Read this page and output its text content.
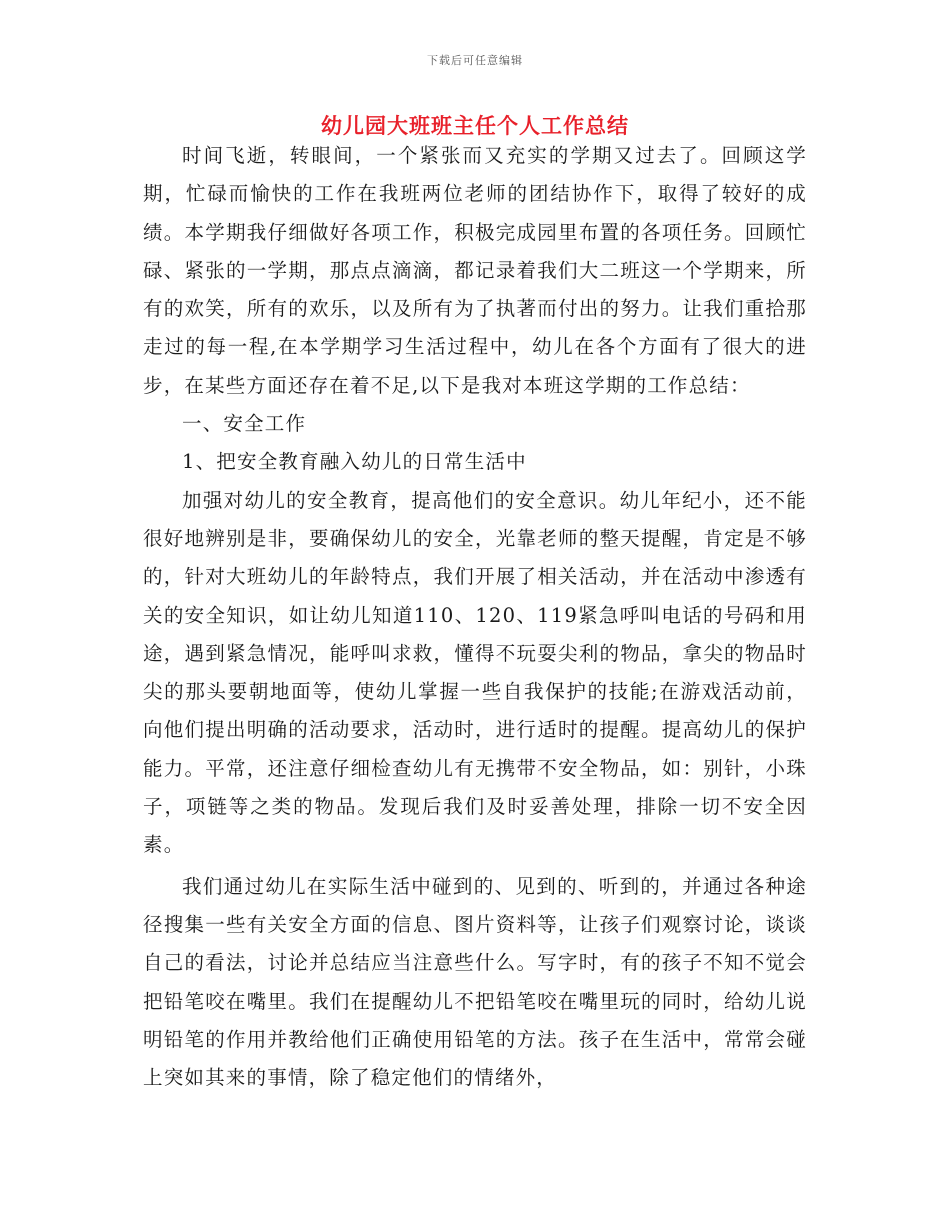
下载后可任意编辑
幼儿园大班班主任个人工作总结

时间飞逝，转眼间，一个紧张而又充实的学期又过去了。回顾这学期，忙碌而愉快的工作在我班两位老师的团结协作下，取得了较好的成绩。本学期我仔细做好各项工作，积极完成园里布置的各项任务。回顾忙碌、紧张的一学期，那点点滴滴，都记录着我们大二班这一个学期来，所有的欢笑，所有的欢乐，以及所有为了执著而付出的努力。让我们重拾那走过的每一程,在本学期学习生活过程中，幼儿在各个方面有了很大的进步，在某些方面还存在着不足,以下是我对本班这学期的工作总结：

一、安全工作

1、把安全教育融入幼儿的日常生活中

加强对幼儿的安全教育，提高他们的安全意识。幼儿年纪小，还不能很好地辨别是非，要确保幼儿的安全，光靠老师的整天提醒，肯定是不够的，针对大班幼儿的年龄特点，我们开展了相关活动，并在活动中渗透有关的安全知识，如让幼儿知道110、120、119紧急呼叫电话的号码和用途，遇到紧急情况，能呼叫求救，懂得不玩耍尖利的物品，拿尖的物品时尖的那头要朝地面等，使幼儿掌握一些自我保护的技能;在游戏活动前，向他们提出明确的活动要求，活动时，进行适时的提醒。提高幼儿的保护能力。平常，还注意仔细检查幼儿有无携带不安全物品，如：别针，小珠子，项链等之类的物品。发现后我们及时妥善处理，排除一切不安全因素。

我们通过幼儿在实际生活中碰到的、见到的、听到的，并通过各种途径搜集一些有关安全方面的信息、图片资料等，让孩子们观察讨论，谈谈自己的看法，讨论并总结应当注意些什么。写字时，有的孩子不知不觉会把铅笔咬在嘴里。我们在提醒幼儿不把铅笔咬在嘴里玩的同时，给幼儿说明铅笔的作用并教给他们正确使用铅笔的方法。孩子在生活中，常常会碰上突如其来的事情，除了稳定他们的情绪外，
